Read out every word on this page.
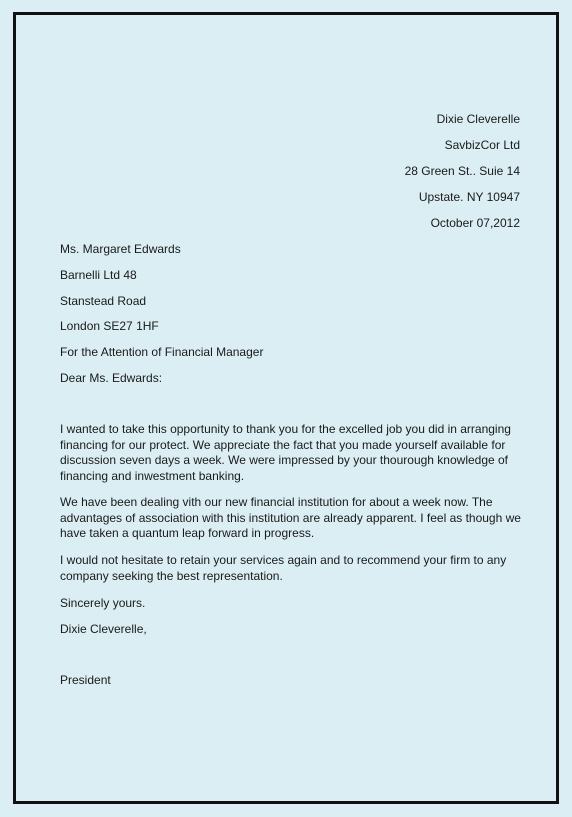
Dixie Cleverelle
SavbizCor Ltd
28 Green St.. Suie 14
Upstate. NY 10947
October 07,2012
Ms. Margaret Edwards
Barnelli Ltd 48
Stanstead Road
London SE27 1HF
For the Attention of Financial Manager
Dear Ms. Edwards:
I wanted to take this opportunity to thank you for the excelled job you did in arranging financing for our protect. We appreciate the fact that you made yourself available for discussion seven days a week. We were impressed by your thourough knowledge of financing and inwestment banking.
We have been dealing vith our new financial institution for about a week now. The advantages of association with this institution are already apparent. I feel as though we have taken a quantum leap forward in progress.
I would not hesitate to retain your services again and to recommend your firm to any company seeking the best representation.
Sincerely yours.
Dixie Cleverelle,
President
